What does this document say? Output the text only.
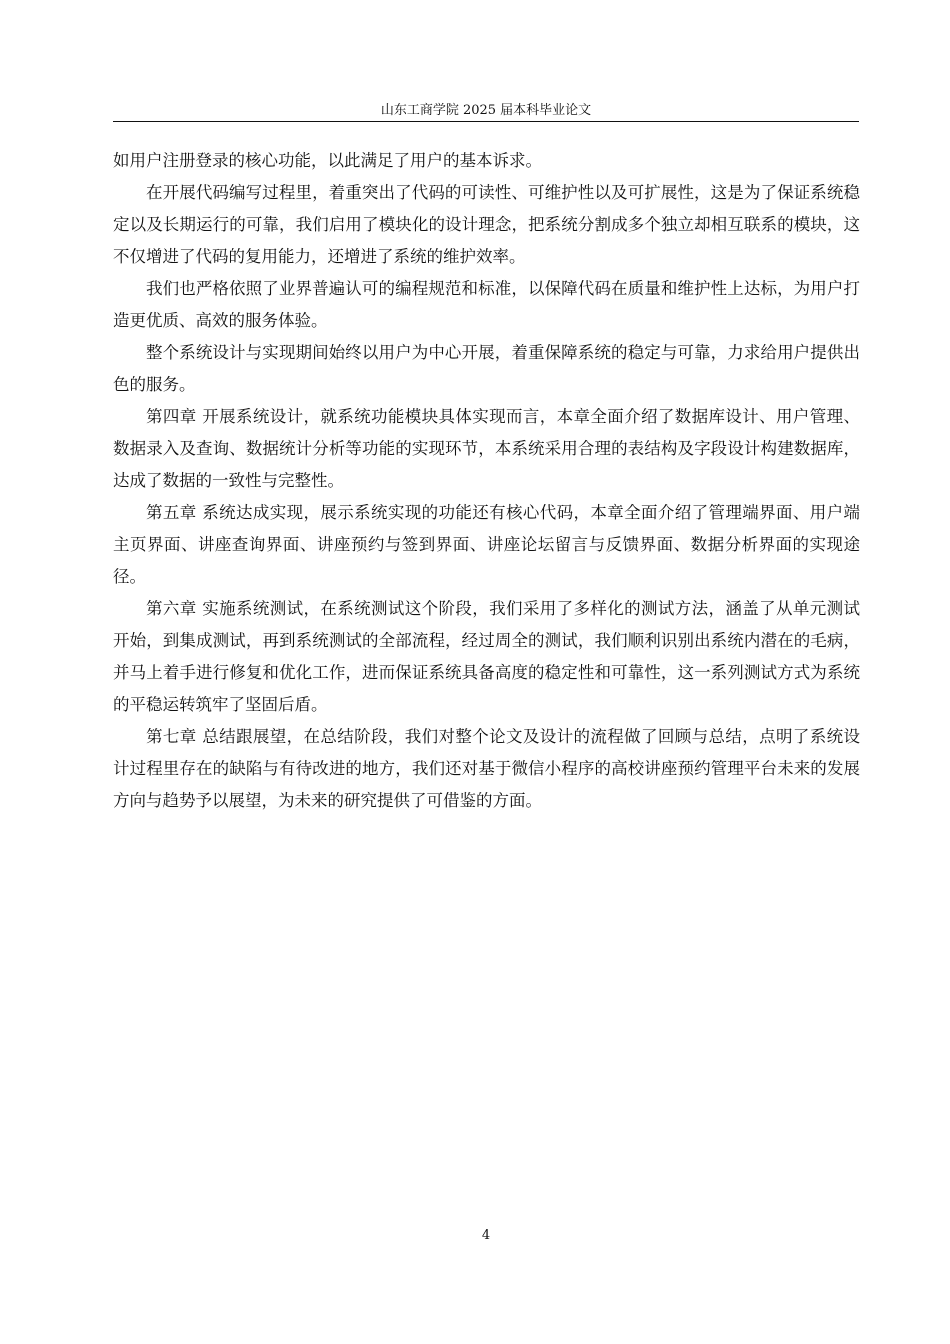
山东工商学院 2025 届本科毕业论文

如用户注册登录的核心功能，以此满足了用户的基本诉求。

在开展代码编写过程里，着重突出了代码的可读性、可维护性以及可扩展性，这是为了保证系统稳定以及长期运行的可靠，我们启用了模块化的设计理念，把系统分割成多个独立却相互联系的模块，这不仅增进了代码的复用能力，还增进了系统的维护效率。

我们也严格依照了业界普遍认可的编程规范和标准，以保障代码在质量和维护性上达标，为用户打造更优质、高效的服务体验。

整个系统设计与实现期间始终以用户为中心开展，着重保障系统的稳定与可靠，力求给用户提供出色的服务。

第四章 开展系统设计，就系统功能模块具体实现而言，本章全面介绍了数据库设计、用户管理、数据录入及查询、数据统计分析等功能的实现环节，本系统采用合理的表结构及字段设计构建数据库，达成了数据的一致性与完整性。

第五章 系统达成实现，展示系统实现的功能还有核心代码，本章全面介绍了管理端界面、用户端主页界面、讲座查询界面、讲座预约与签到界面、讲座论坛留言与反馈界面、数据分析界面的实现途径。

第六章 实施系统测试，在系统测试这个阶段，我们采用了多样化的测试方法，涵盖了从单元测试开始，到集成测试，再到系统测试的全部流程，经过周全的测试，我们顺利识别出系统内潜在的毛病，并马上着手进行修复和优化工作，进而保证系统具备高度的稳定性和可靠性，这一系列测试方式为系统的平稳运转筑牢了坚固后盾。

第七章 总结跟展望，在总结阶段，我们对整个论文及设计的流程做了回顾与总结，点明了系统设计过程里存在的缺陷与有待改进的地方，我们还对基于微信小程序的高校讲座预约管理平台未来的发展方向与趋势予以展望，为未来的研究提供了可借鉴的方面。

4
